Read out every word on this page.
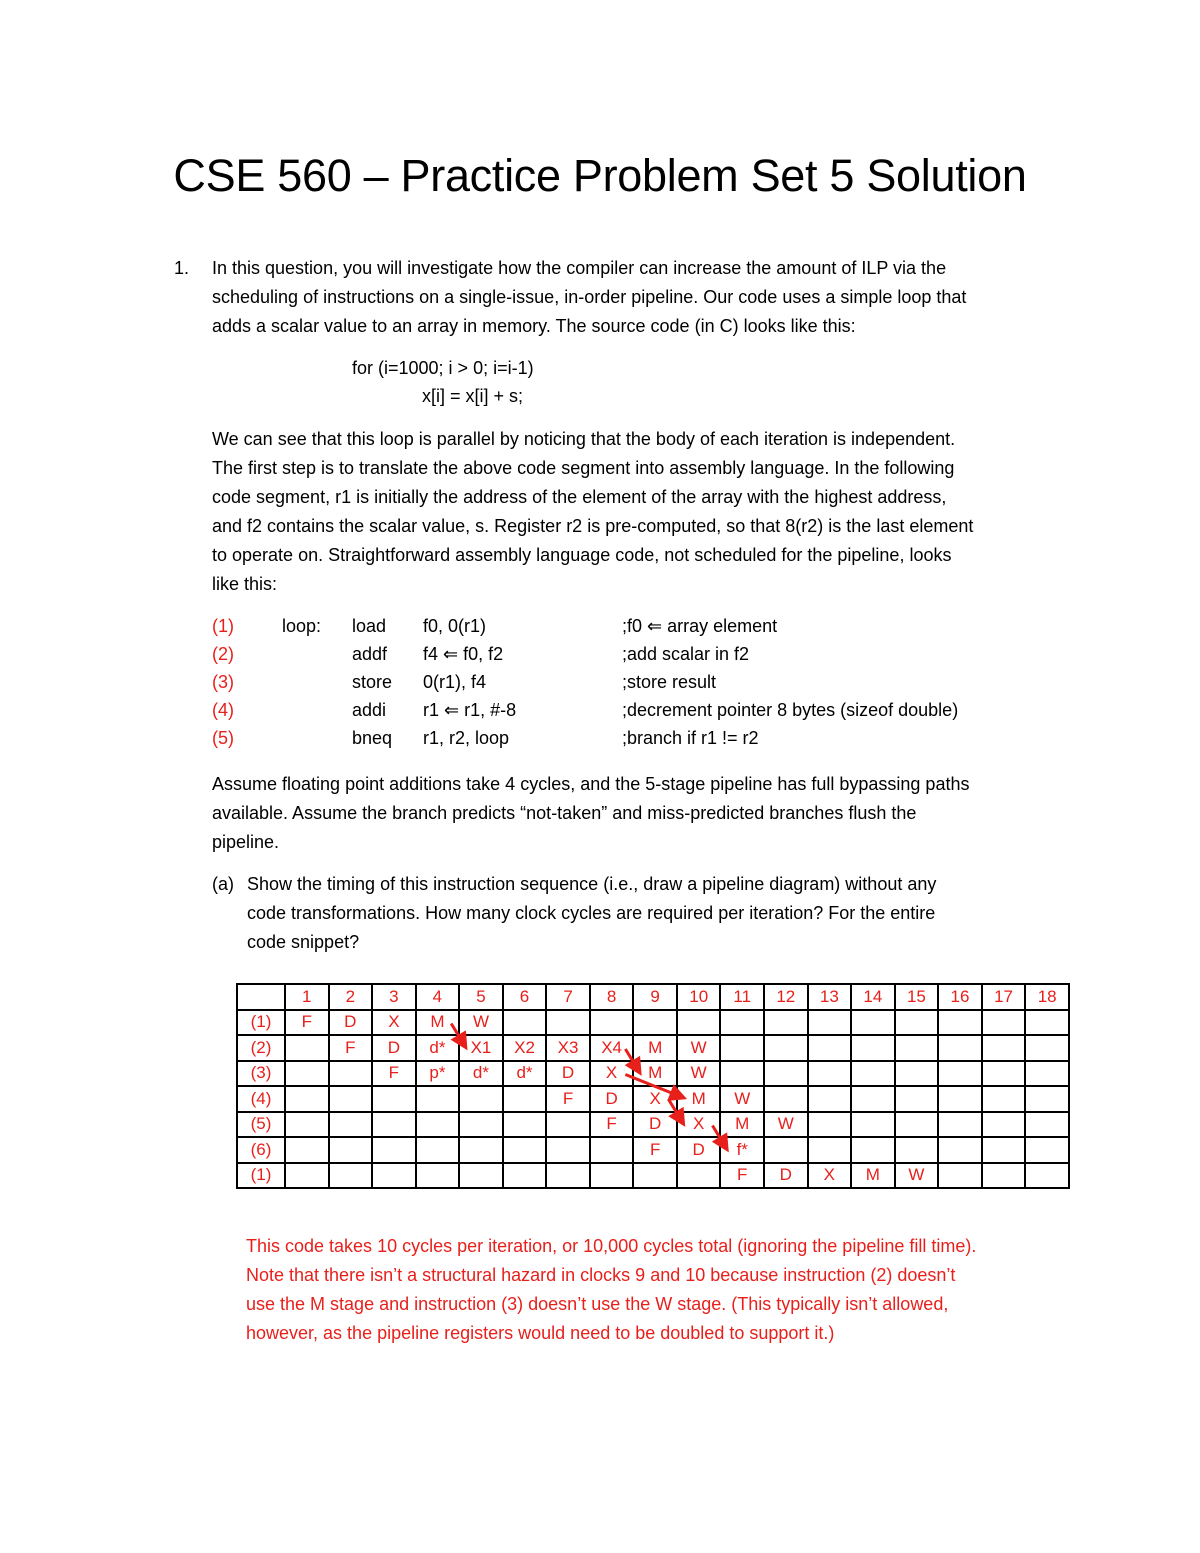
CSE 560 – Practice Problem Set 5 Solution
1. In this question, you will investigate how the compiler can increase the amount of ILP via the
scheduling of instructions on a single-issue, in-order pipeline. Our code uses a simple loop that
adds a scalar value to an array in memory. The source code (in C) looks like this:
for (i=1000; i > 0; i=i-1)
x[i] = x[i] + s;
We can see that this loop is parallel by noticing that the body of each iteration is independent.
The first step is to translate the above code segment into assembly language. In the following
code segment, r1 is initially the address of the element of the array with the highest address,
and f2 contains the scalar value, s. Register r2 is pre-computed, so that 8(r2) is the last element
to operate on. Straightforward assembly language code, not scheduled for the pipeline, looks
like this:
(1)	loop: load f0, 0(r1)	;f0 ⇐ array element
(2)	addf f4 ⇐ f0, f2	;add scalar in f2
(3)	store 0(r1), f4	;store result
(4)	addi r1 ⇐ r1, #-8	;decrement pointer 8 bytes (sizeof double)
(5)	bneq r1, r2, loop	;branch if r1 != r2
Assume floating point additions take 4 cycles, and the 5-stage pipeline has full bypassing paths
available. Assume the branch predicts “not-taken” and miss-predicted branches flush the
pipeline.
(a) Show the timing of this instruction sequence (i.e., draw a pipeline diagram) without any
code transformations. How many clock cycles are required per iteration? For the entire
code snippet?
	1	2	3	4	5	6	7	8	9	10	11	12	13	14	15	16	17	18
(1)	F	D	X	M	W													
(2)		F	D	d*	X1	X2	X3	X4	M	W								
(3)			F	p*	d*	d*	D	X	M	W								
(4)							F	D	X	M	W							
(5)								F	D	X	M	W						
(6)									F	D	f*							
(1)											F	D	X	M	W			
This code takes 10 cycles per iteration, or 10,000 cycles total (ignoring the pipeline fill time).
Note that there isn’t a structural hazard in clocks 9 and 10 because instruction (2) doesn’t
use the M stage and instruction (3) doesn’t use the W stage. (This typically isn’t allowed,
however, as the pipeline registers would need to be doubled to support it.)
